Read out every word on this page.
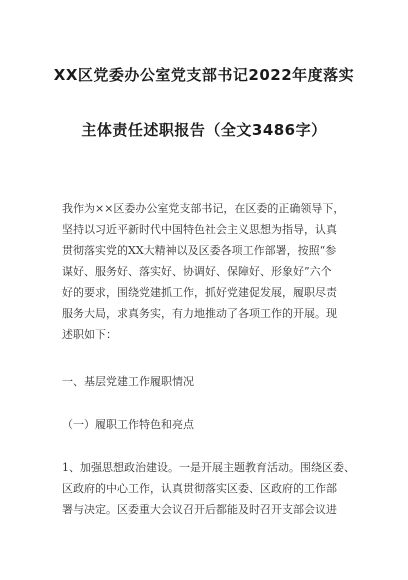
XX区党委办公室党支部书记2022年度落实
主体责任述职报告（全文3486字）
我作为××区委办公室党支部书记，在区委的正确领导下，
坚持以习近平新时代中国特色社会主义思想为指导，认真
贯彻落实党的XX大精神以及区委各项工作部署，按照“参
谋好、服务好、落实好、协调好、保障好、形象好”六个
好的要求，围绕党建抓工作，抓好党建促发展，履职尽责
服务大局，求真务实，有力地推动了各项工作的开展。现
述职如下：
一、基层党建工作履职情况
（一）履职工作特色和亮点
1、加强思想政治建设。一是开展主题教育活动。围绕区委、
区政府的中心工作，认真贯彻落实区委、区政府的工作部
署与决定。区委重大会议召开后都能及时召开支部会议进
